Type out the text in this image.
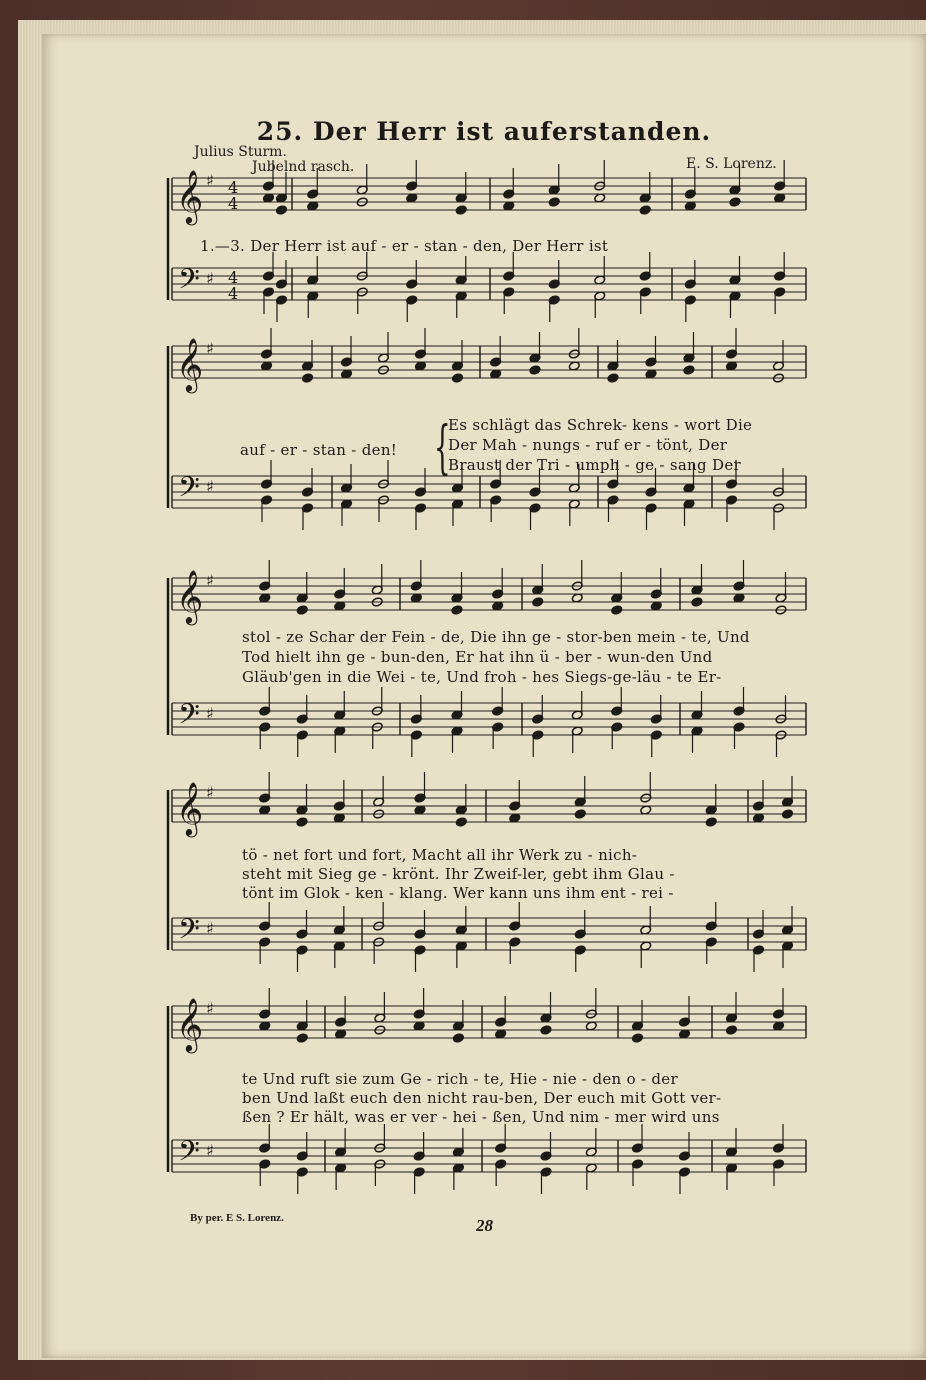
25. Der Herr ist auferstanden.
Julius Sturm.
Jubelnd rasch.	E. S. Lorenz.
1.—3. Der Herr ist auf - er - stan - den, Der Herr ist
auf - er - stan - den! {
Es schlägt das Schrek- kens - wort Die
Der Mah - nungs - ruf er - tönt, Der
Braust der Tri - umph - ge - sang Der
stol - ze Schar der Fein - de, Die ihn ge - stor-ben mein - te, Und
Tod hielt ihn ge - bun-den, Er hat ihn ü - ber - wun-den Und
Gläub'gen in die Wei - te, Und froh - hes Siegs-ge-läu - te Er-
tö - net fort und fort, Macht all ihr Werk zu - nich-
steht mit Sieg ge - krönt. Ihr Zweif-ler, gebt ihm Glau -
tönt im Glok - ken - klang. Wer kann uns ihm ent - rei -
te Und ruft sie zum Ge - rich - te, Hie - nie - den o - der
ben Und laßt euch den nicht rau-ben, Der euch mit Gott ver-
ßen ? Er hält, was er ver - hei - ßen, Und nim - mer wird uns
By per. E S. Lorenz.	28
𝄞
𝄢
♯
♯
4
4
4
4
𝄞
𝄢
♯
♯
𝄞
𝄢
♯
♯
𝄞
𝄢
♯
♯
𝄞
𝄢
♯
♯
